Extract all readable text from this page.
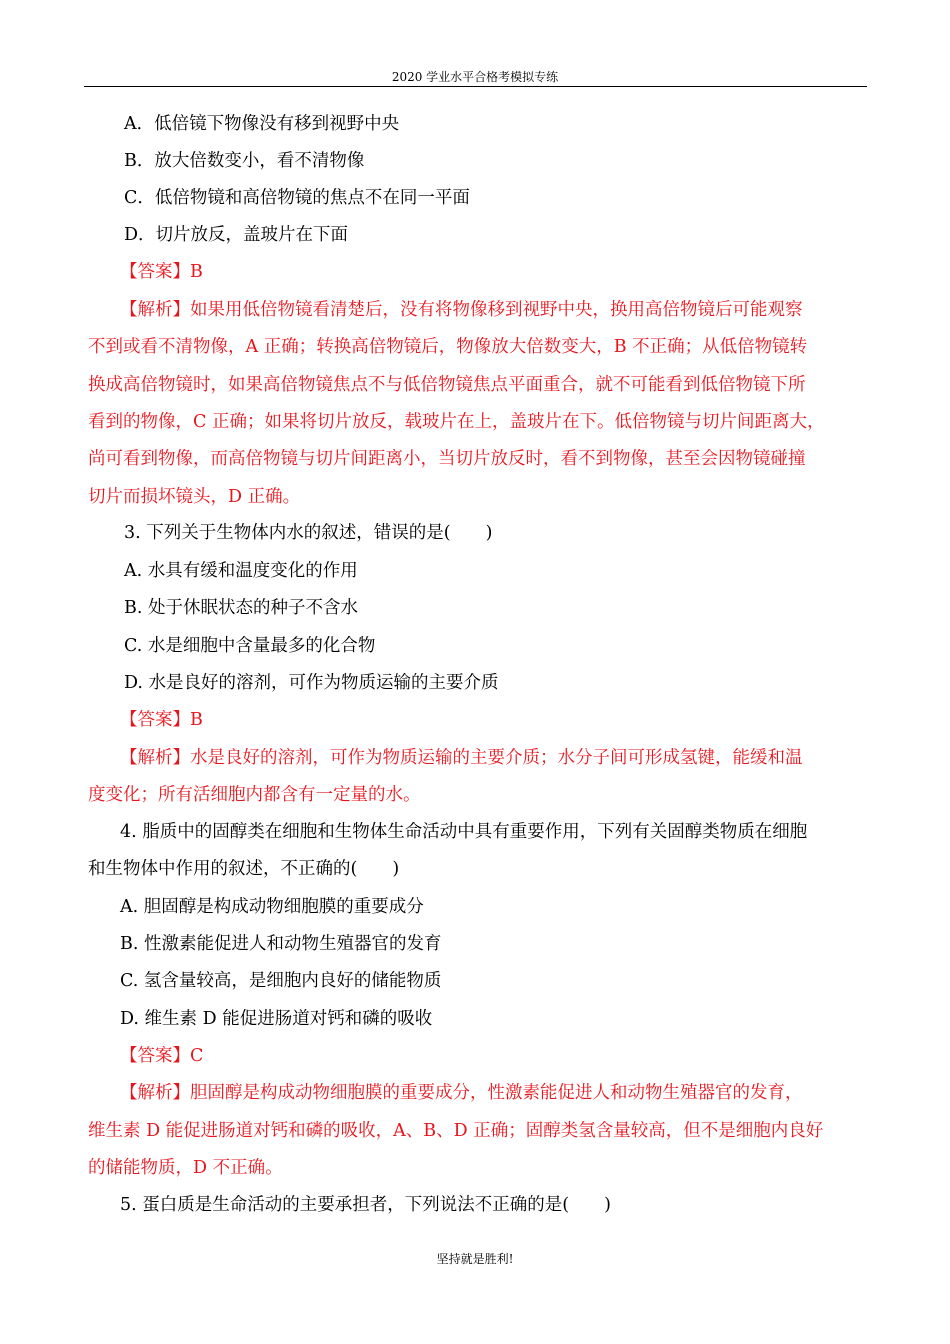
2020 学业水平合格考模拟专练
A．低倍镜下物像没有移到视野中央
B．放大倍数变小，看不清物像
C．低倍物镜和高倍物镜的焦点不在同一平面
D．切片放反，盖玻片在下面
【答案】B
【解析】如果用低倍物镜看清楚后，没有将物像移到视野中央，换用高倍物镜后可能观察
不到或看不清物像，A 正确；转换高倍物镜后，物像放大倍数变大，B 不正确；从低倍物镜转
换成高倍物镜时，如果高倍物镜焦点不与低倍物镜焦点平面重合，就不可能看到低倍物镜下所
看到的物像，C 正确；如果将切片放反，载玻片在上，盖玻片在下。低倍物镜与切片间距离大，
尚可看到物像，而高倍物镜与切片间距离小，当切片放反时，看不到物像，甚至会因物镜碰撞
切片而损坏镜头，D 正确。
3. 下列关于生物体内水的叙述，错误的是(　　)
A. 水具有缓和温度变化的作用
B. 处于休眠状态的种子不含水
C. 水是细胞中含量最多的化合物
D. 水是良好的溶剂，可作为物质运输的主要介质
【答案】B
【解析】水是良好的溶剂，可作为物质运输的主要介质；水分子间可形成氢键，能缓和温
度变化；所有活细胞内都含有一定量的水。
4. 脂质中的固醇类在细胞和生物体生命活动中具有重要作用，下列有关固醇类物质在细胞
和生物体中作用的叙述，不正确的(　　)
A. 胆固醇是构成动物细胞膜的重要成分
B. 性激素能促进人和动物生殖器官的发育
C. 氢含量较高，是细胞内良好的储能物质
D. 维生素 D 能促进肠道对钙和磷的吸收
【答案】C
【解析】胆固醇是构成动物细胞膜的重要成分，性激素能促进人和动物生殖器官的发育，
维生素 D 能促进肠道对钙和磷的吸收，A、B、D 正确；固醇类氢含量较高，但不是细胞内良好
的储能物质，D 不正确。
5. 蛋白质是生命活动的主要承担者，下列说法不正确的是(　　)
坚持就是胜利!
